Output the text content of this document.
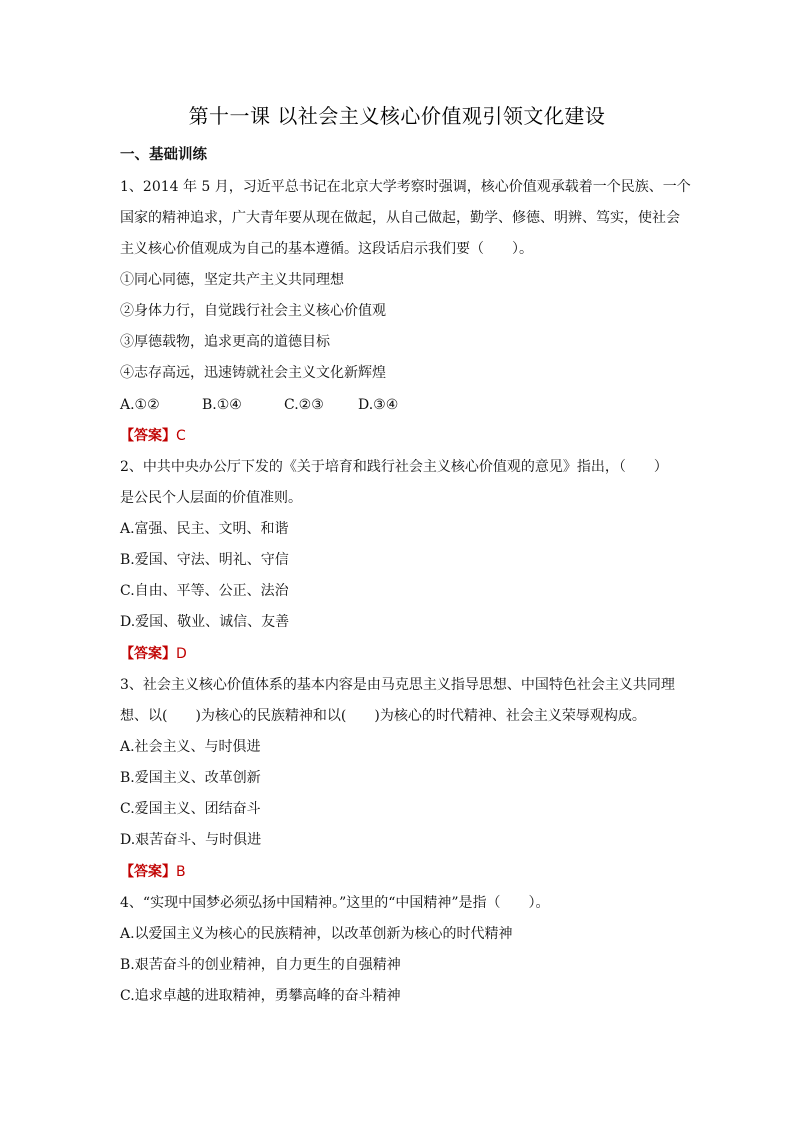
第十一课 以社会主义核心价值观引领文化建设
一、基础训练
1、2014 年 5 月，习近平总书记在北京大学考察时强调，核心价值观承载着一个民族、一个
国家的精神追求，广大青年要从现在做起，从自己做起，勤学、修德、明辨、笃实，使社会
主义核心价值观成为自己的基本遵循。这段话启示我们要（　　）。
①同心同德，坚定共产主义共同理想
②身体力行，自觉践行社会主义核心价值观
③厚德载物，追求更高的道德目标
④志存高远，迅速铸就社会主义文化新辉煌
A.①②	B.①④	C.②③ D.③④
【答案】C
2、中共中央办公厅下发的《关于培育和践行社会主义核心价值观的意见》指出，（　　）
是公民个人层面的价值准则。
A.富强、民主、文明、和谐
B.爱国、守法、明礼、守信
C.自由、平等、公正、法治
D.爱国、敬业、诚信、友善
【答案】D
3、社会主义核心价值体系的基本内容是由马克思主义指导思想、中国特色社会主义共同理
想、以(　　)为核心的民族精神和以(　　)为核心的时代精神、社会主义荣辱观构成。
A.社会主义、与时俱进
B.爱国主义、改革创新
C.爱国主义、团结奋斗
D.艰苦奋斗、与时俱进
【答案】B
4、“实现中国梦必须弘扬中国精神。”这里的“中国精神”是指（　　）。
A.以爱国主义为核心的民族精神，以改革创新为核心的时代精神
B.艰苦奋斗的创业精神，自力更生的自强精神
C.追求卓越的进取精神，勇攀高峰的奋斗精神
